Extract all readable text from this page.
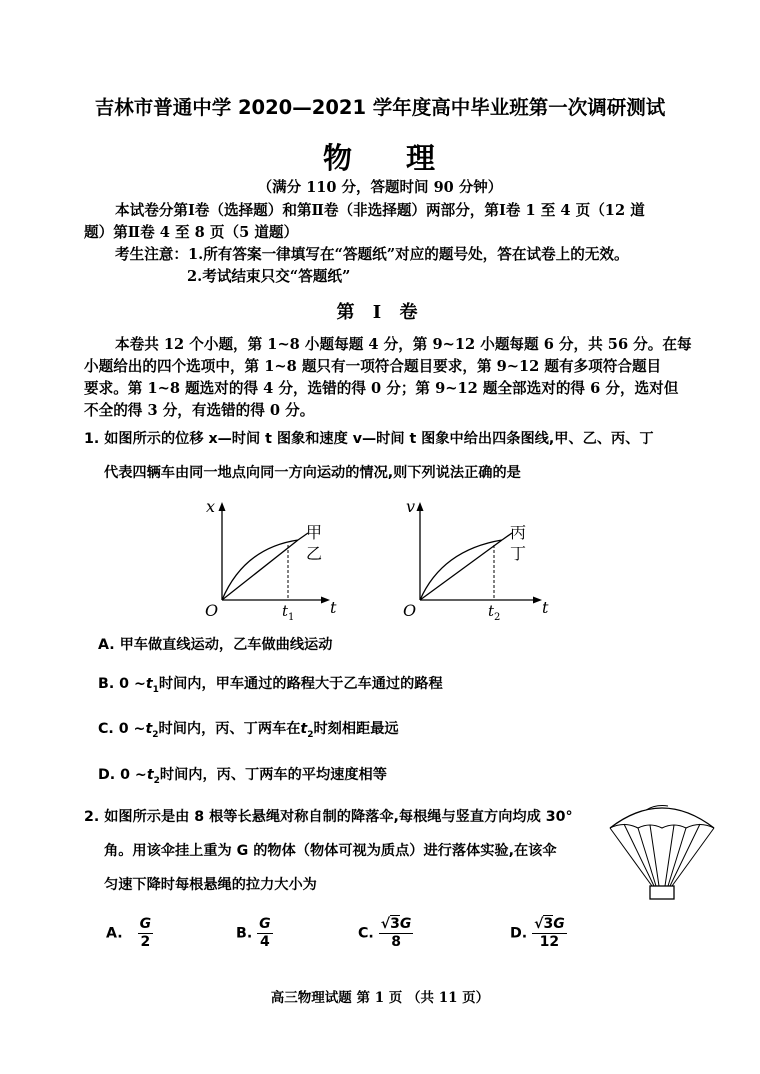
吉林市普通中学 2020—2021 学年度高中毕业班第一次调研测试
物 理
（满分 110 分，答题时间 90 分钟）
本试卷分第Ⅰ卷（选择题）和第Ⅱ卷（非选择题）两部分，第Ⅰ卷 1 至 4 页（12 道
题）第Ⅱ卷 4 至 8 页（5 道题）
考生注意：1.所有答案一律填写在“答题纸”对应的题号处，答在试卷上的无效。
2.考试结束只交“答题纸”
第 Ⅰ 卷
本卷共 12 个小题，第 1~8 小题每题 4 分，第 9~12 小题每题 6 分，共 56 分。在每
小题给出的四个选项中，第 1~8 题只有一项符合题目要求，第 9~12 题有多项符合题目
要求。第 1~8 题选对的得 4 分，选错的得 0 分；第 9~12 题全部选对的得 6 分，选对但
不全的得 3 分，有选错的得 0 分。
1. 如图所示的位移 x—时间 t 图象和速度 v—时间 t 图象中给出四条图线,甲、乙、丙、丁
代表四辆车由同一地点向同一方向运动的情况,则下列说法正确的是
x
t
O	$t_1$
甲
乙
v
t
O	$t_2$
丙
丁
A. 甲车做直线运动，乙车做曲线运动
B. 0 $\sim t_1$时间内，甲车通过的路程大于乙车通过的路程
C. 0 $\sim t_2$时间内，丙、丁两车在$t_2$时刻相距最远
D. 0 $\sim t_2$时间内，丙、丁两车的平均速度相等
2. 如图所示是由 8 根等长悬绳对称自制的降落伞,每根绳与竖直方向均成 30°
角。用该伞挂上重为 G 的物体（物体可视为质点）进行落体实验,在该伞
匀速下降时每根悬绳的拉力大小为
A. $\frac{G}{2}$	B. $\frac{G}{4}$	C. $\frac{√3G}{8}$	D. $\frac{√3G}{12}$
高三物理试题 第 1 页 （共 11 页）
